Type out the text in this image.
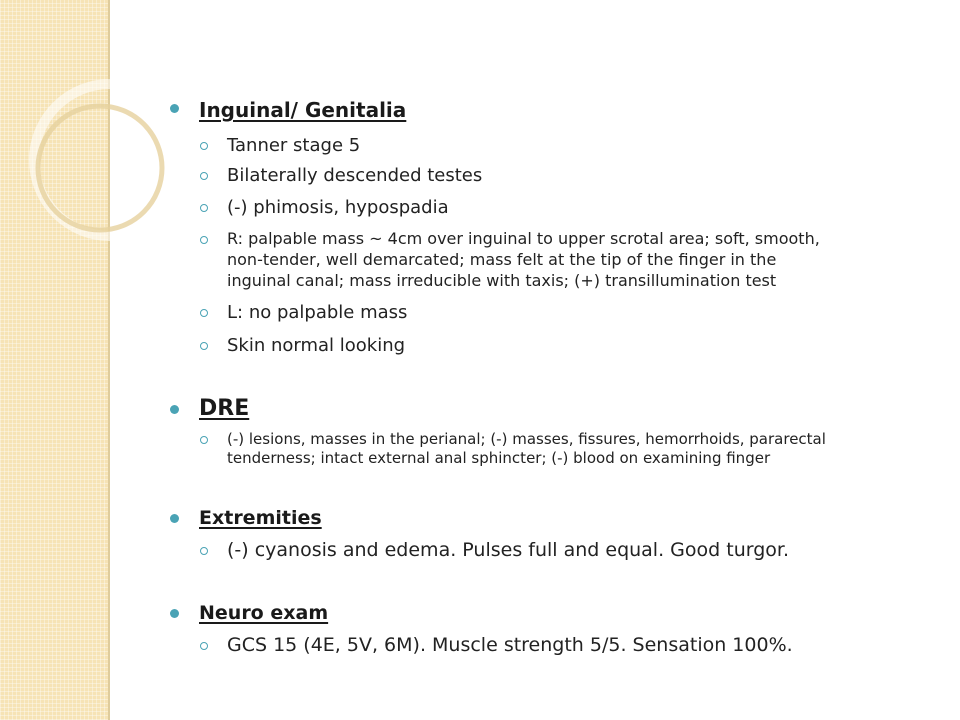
Inguinal/ Genitalia
Tanner stage 5
Bilaterally descended testes
(-) phimosis, hypospadia
R: palpable mass ~ 4cm over inguinal to upper scrotal area; soft, smooth,
non-tender, well demarcated; mass felt at the tip of the finger in the
inguinal canal; mass irreducible with taxis; (+) transillumination test
L: no palpable mass
Skin normal looking
DRE
(-) lesions, masses in the perianal; (-) masses, fissures, hemorrhoids, pararectal
tenderness; intact external anal sphincter; (-) blood on examining finger
Extremities
(-) cyanosis and edema. Pulses full and equal. Good turgor.
Neuro exam
GCS 15 (4E, 5V, 6M). Muscle strength 5/5. Sensation 100%.
